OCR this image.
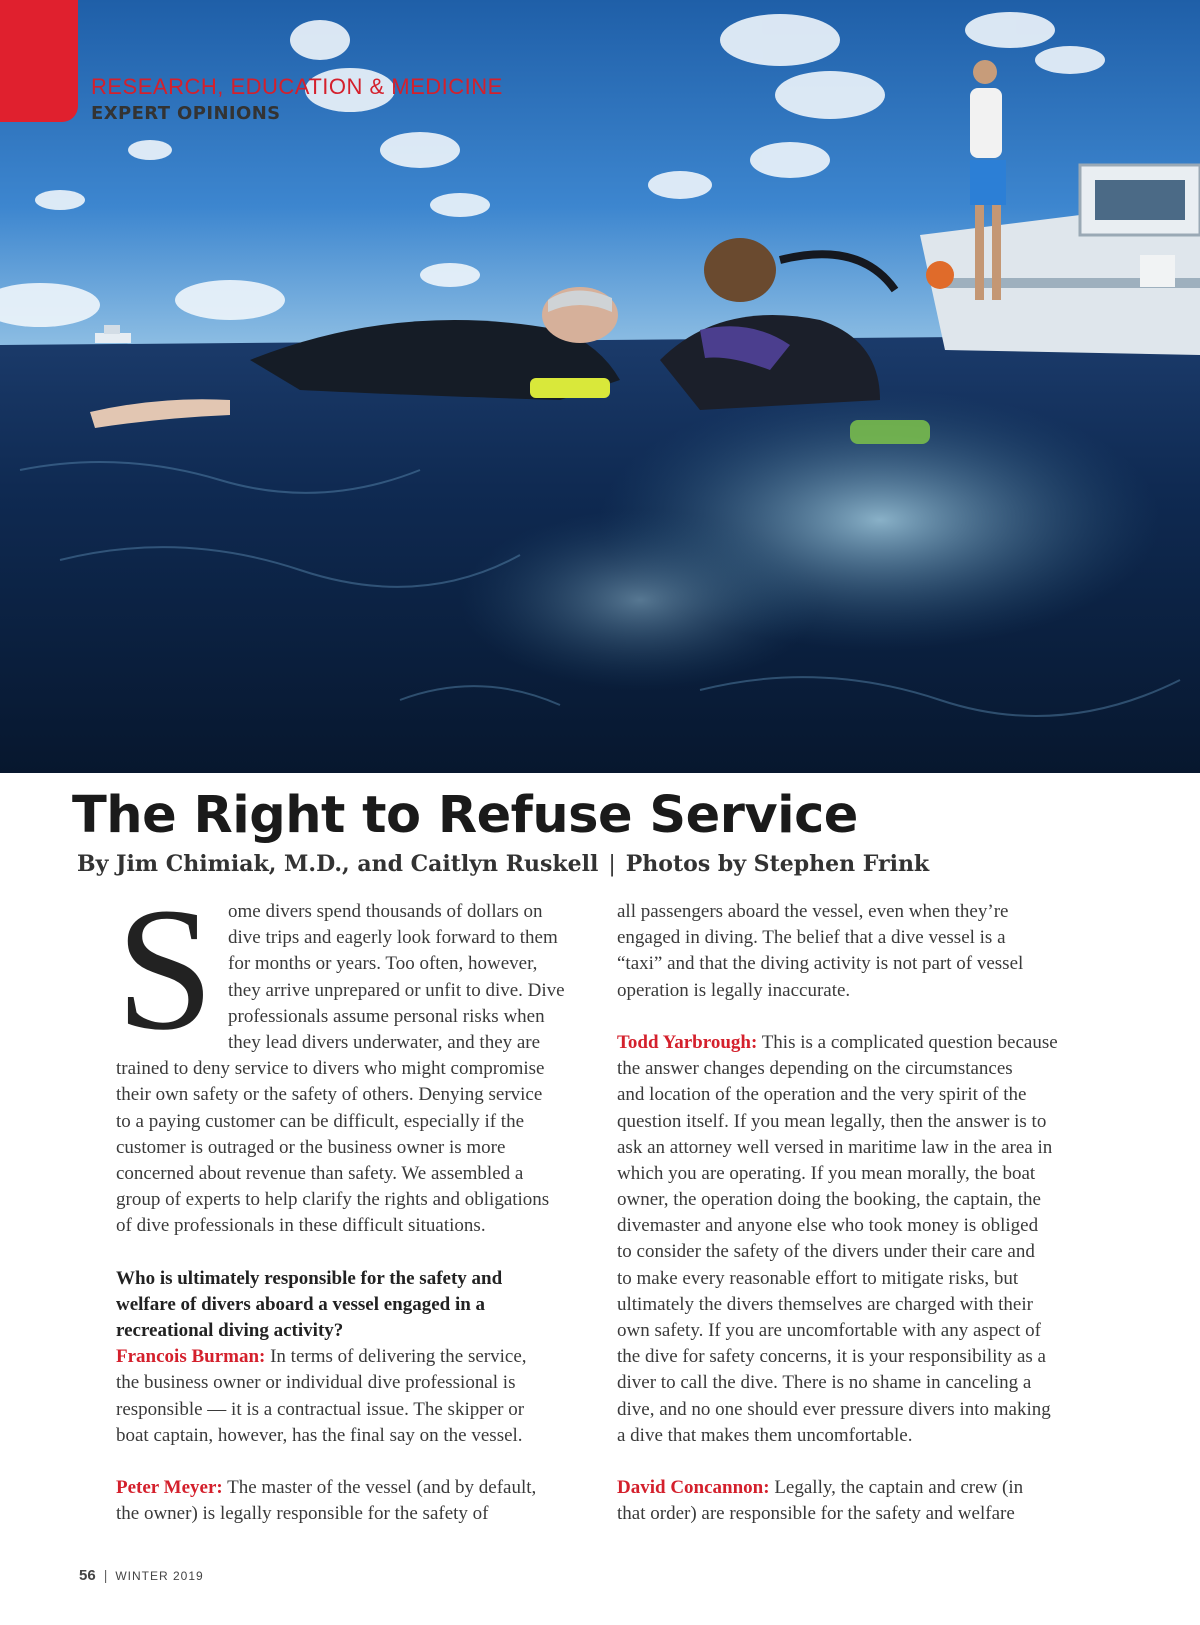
RESEARCH, EDUCATION & MEDICINE
EXPERT OPINIONS
The Right to Refuse Service
By Jim Chimiak, M.D., and Caitlyn Ruskell | Photos by Stephen Frink
S ome divers spend thousands of dollars on
dive trips and eagerly look forward to them
for months or years. Too often, however,
they arrive unprepared or unfit to dive. Dive
professionals assume personal risks when
they lead divers underwater, and they are
trained to deny service to divers who might compromise
their own safety or the safety of others. Denying service
to a paying customer can be difficult, especially if the
customer is outraged or the business owner is more
concerned about revenue than safety. We assembled a
group of experts to help clarify the rights and obligations
of dive professionals in these difficult situations.
Who is ultimately responsible for the safety and
welfare of divers aboard a vessel engaged in a
recreational diving activity?
Francois Burman: In terms of delivering the service,
the business owner or individual dive professional is
responsible — it is a contractual issue. The skipper or
boat captain, however, has the final say on the vessel.
Peter Meyer: The master of the vessel (and by default,
the owner) is legally responsible for the safety of
all passengers aboard the vessel, even when they’re
engaged in diving. The belief that a dive vessel is a
“taxi” and that the diving activity is not part of vessel
operation is legally inaccurate.
Todd Yarbrough: This is a complicated question because
the answer changes depending on the circumstances
and location of the operation and the very spirit of the
question itself. If you mean legally, then the answer is to
ask an attorney well versed in maritime law in the area in
which you are operating. If you mean morally, the boat
owner, the operation doing the booking, the captain, the
divemaster and anyone else who took money is obliged
to consider the safety of the divers under their care and
to make every reasonable effort to mitigate risks, but
ultimately the divers themselves are charged with their
own safety. If you are uncomfortable with any aspect of
the dive for safety concerns, it is your responsibility as a
diver to call the dive. There is no shame in canceling a
dive, and no one should ever pressure divers into making
a dive that makes them uncomfortable.
David Concannon: Legally, the captain and crew (in
that order) are responsible for the safety and welfare
56 | WINTER 2019
